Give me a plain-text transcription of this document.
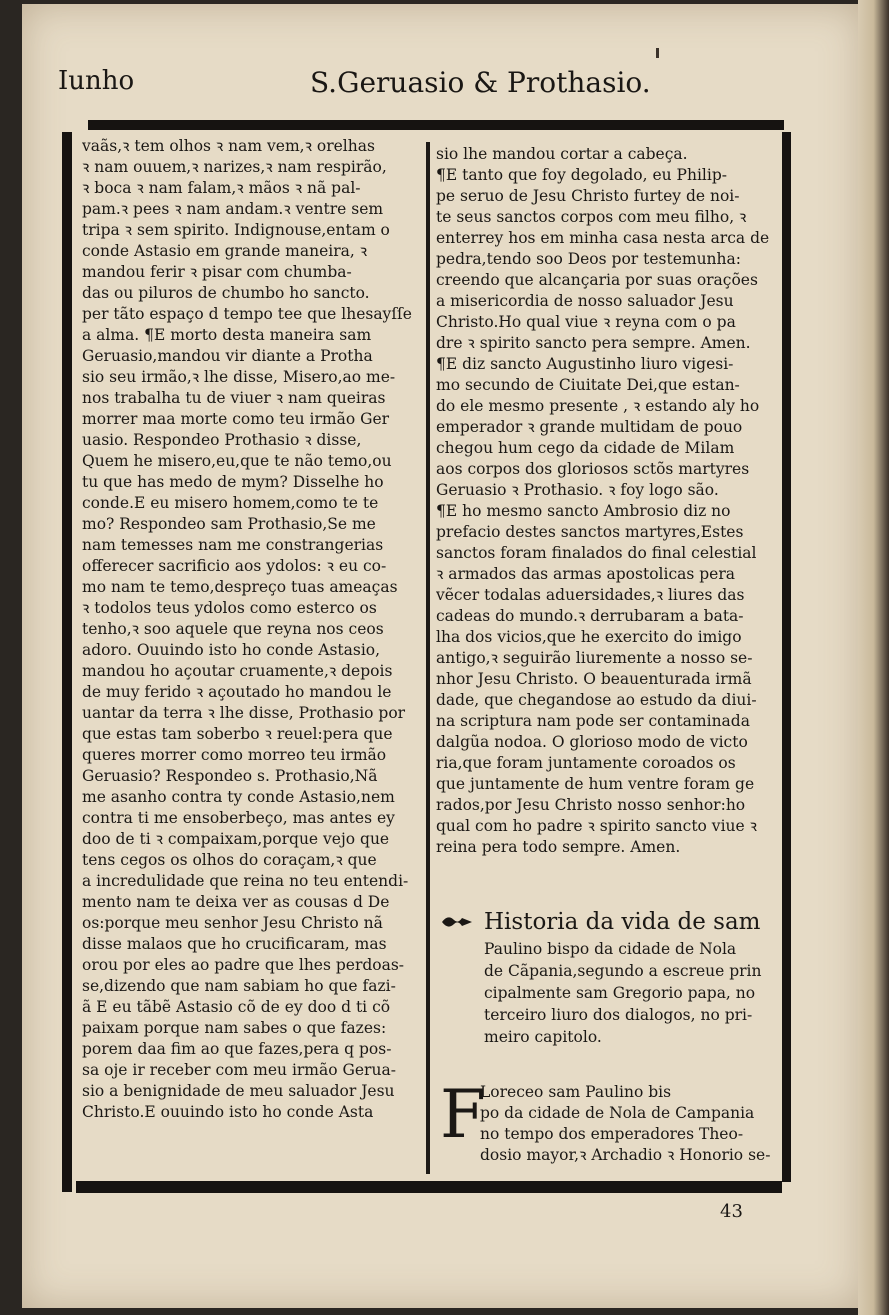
Iunho	S.Geruasio & Prothasio.

vaãs,ꝛ tem olhos ꝛ nam vem,ꝛ orelhas

ꝛ nam ouuem,ꝛ narizes,ꝛ nam respirão,

ꝛ boca ꝛ nam falam,ꝛ mãos ꝛ nã pal-

pam.ꝛ pees ꝛ nam andam.ꝛ ventre sem

tripa ꝛ sem spirito. Indignouse,entam o

conde Astasio em grande maneira, ꝛ

mandou ferir ꝛ pisar com chumba-

das ou piluros de chumbo ho sancto.

per tãto espaço d tempo tee que lhesayſſe

a alma. ¶E morto desta maneira sam

Geruasio,mandou vir diante a Protha

sio seu irmão,ꝛ lhe disse, Misero,ao me-

nos trabalha tu de viuer ꝛ nam queiras

morrer maa morte como teu irmão Ger

uasio. Respondeo Prothasio ꝛ disse,

Quem he misero,eu,que te não temo,ou

tu que has medo de mym? Disselhe ho

conde.E eu misero homem,como te te

mo? Respondeo sam Prothasio,Se me

nam temesses nam me constrangerias

offerecer sacrificio aos ydolos: ꝛ eu co-

mo nam te temo,despreço tuas ameaças

ꝛ todolos teus ydolos como esterco os

tenho,ꝛ soo aquele que reyna nos ceos

adoro. Ouuindo isto ho conde Astasio,

mandou ho açoutar cruamente,ꝛ depois

de muy ferido ꝛ açoutado ho mandou le

uantar da terra ꝛ lhe disse, Prothasio por

que estas tam soberbo ꝛ reuel:pera que

queres morrer como morreo teu irmão

Geruasio? Respondeo s. Prothasio,Nã

me asanho contra ty conde Astasio,nem

contra ti me ensoberbeço, mas antes ey

doo de ti ꝛ compaixam,porque vejo que

tens cegos os olhos do coraçam,ꝛ que

a incredulidade que reina no teu entendi-

mento nam te deixa ver as cousas d De

os:porque meu senhor Jesu Christo nã

disse malaos que ho crucificaram, mas

orou por eles ao padre que lhes perdoas-

se,dizendo que nam sabiam ho que fazi-

ã E eu tãbẽ Astasio cõ de ey doo d ti cõ

paixam porque nam sabes o que fazes:

porem daa fim ao que fazes,pera q pos-

sa oje ir receber com meu irmão Gerua-

sio a benignidade de meu saluador Jesu

Christo.E ouuindo isto ho conde Asta

sio lhe mandou cortar a cabeça.

¶E tanto que foy degolado, eu Philip-

pe seruo de Jesu Christo furtey de noi-

te seus sanctos corpos com meu filho, ꝛ

enterrey hos em minha casa nesta arca de

pedra,tendo soo Deos por testemunha:

creendo que alcançaria por suas orações

a misericordia de nosso saluador Jesu

Christo.Ho qual viue ꝛ reyna com o pa

dre ꝛ spirito sancto pera sempre. Amen.

¶E diz sancto Augustinho liuro vigesi-

mo secundo de Ciuitate Dei,que estan-

do ele mesmo presente , ꝛ estando aly ho

emperador ꝛ grande multidam de pouo

chegou hum cego da cidade de Milam

aos corpos dos gloriosos sctõs martyres

Geruasio ꝛ Prothasio. ꝛ foy logo são.

¶E ho mesmo sancto Ambrosio diz no

prefacio destes sanctos martyres,Estes

sanctos foram finalados do final celestial

ꝛ armados das armas apostolicas pera

vẽcer todalas aduersidades,ꝛ liures das

cadeas do mundo.ꝛ derrubaram a bata-

lha dos vicios,que he exercito do imigo

antigo,ꝛ seguirão liuremente a nosso se-

nhor Jesu Christo. O beauenturada irmã

dade, que chegandose ao estudo da diui-

na scriptura nam pode ser contaminada

dalgũa nodoa. O glorioso modo de victo

ria,que foram juntamente coroados os

que juntamente de hum ventre foram ge

rados,por Jesu Christo nosso senhor:ho

qual com ho padre ꝛ spirito sancto viue ꝛ

reina pera todo sempre. Amen.

Historia da vida de sam

Paulino bispo da cidade de Nola

de Cãpania,segundo a escreue prin

cipalmente sam Gregorio papa, no

terceiro liuro dos dialogos, no pri-

meiro capitolo.

F

Loreceo sam Paulino bis

po da cidade de Nola de Campania

no tempo dos emperadores Theo-

dosio mayor,ꝛ Archadio ꝛ Honorio se-

43
